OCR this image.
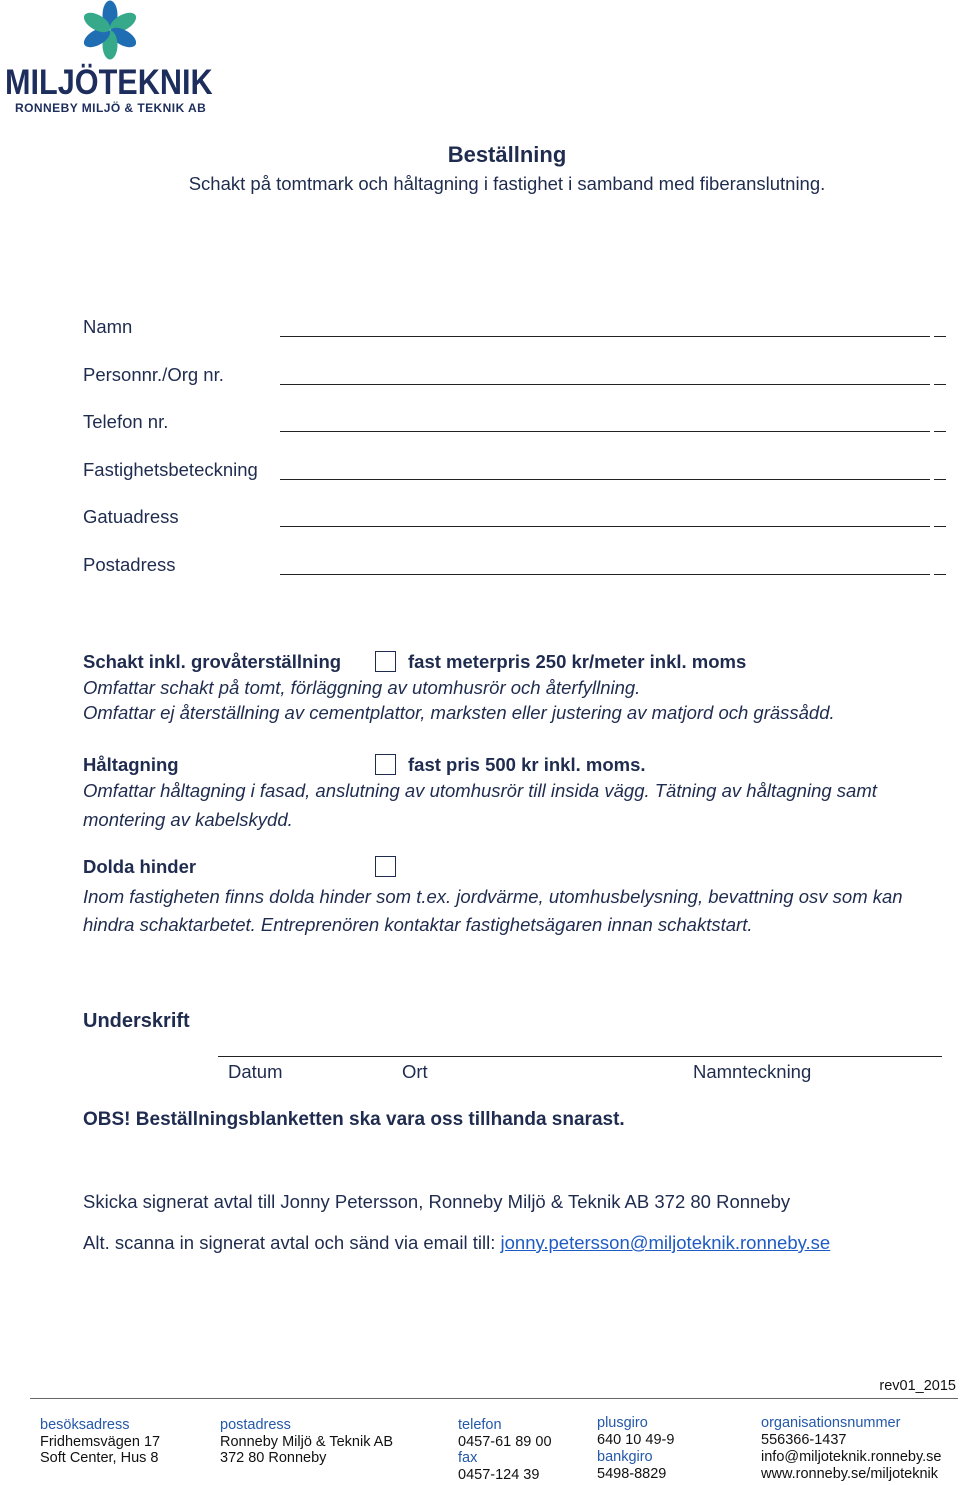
MILJÖTEKNIK
RONNEBY MILJÖ & TEKNIK AB
Beställning
Schakt på tomtmark och håltagning i fastighet i samband med fiberanslutning.
Namn
Personnr./Org nr.
Telefon nr.
Fastighetsbeteckning
Gatuadress
Postadress
Schakt inkl. grovåterställning	fast meterpris 250 kr/meter inkl. moms
Omfattar schakt på tomt, förläggning av utomhusrör och återfyllning.
Omfattar ej återställning av cementplattor, marksten eller justering av matjord och grässådd.
Håltagning	fast pris 500 kr inkl. moms.
Omfattar håltagning i fasad, anslutning av utomhusrör till insida vägg. Tätning av håltagning samt
montering av kabelskydd.
Dolda hinder
Inom fastigheten finns dolda hinder som t.ex. jordvärme, utomhusbelysning, bevattning osv som kan
hindra schaktarbetet. Entreprenören kontaktar fastighetsägaren innan schaktstart.
Underskrift
Datum	Ort	Namnteckning
OBS! Beställningsblanketten ska vara oss tillhanda snarast.
Skicka signerat avtal till Jonny Petersson, Ronneby Miljö & Teknik AB 372 80 Ronneby
Alt. scanna in signerat avtal och sänd via email till: jonny.petersson@miljoteknik.ronneby.se
rev01_2015
besöksadress
Fridhemsvägen 17
Soft Center, Hus 8
postadress
Ronneby Miljö & Teknik AB
372 80 Ronneby
telefon
0457-61 89 00
fax
0457-124 39
plusgiro
640 10 49-9
bankgiro
5498-8829
organisationsnummer
556366-1437
info@miljoteknik.ronneby.se
www.ronneby.se/miljoteknik
